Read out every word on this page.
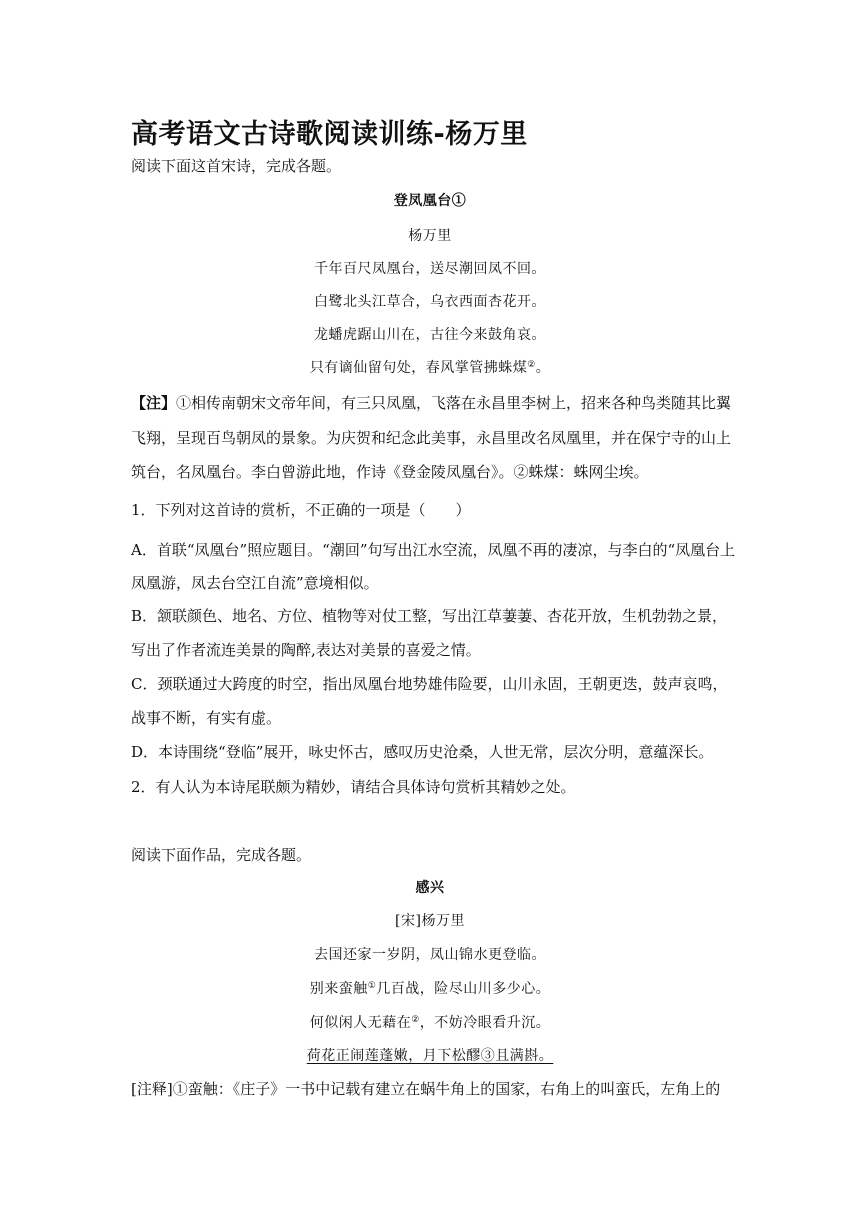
高考语文古诗歌阅读训练-杨万里
阅读下面这首宋诗，完成各题。
登凤凰台①
杨万里
千年百尺凤凰台，送尽潮回凤不回。
白鹭北头江草合，乌衣西面杏花开。
龙蟠虎踞山川在，古往今来鼓角哀。
只有谪仙留句处，春风掌管拂蛛煤②。
【注】①相传南朝宋文帝年间，有三只凤凰，飞落在永昌里李树上，招来各种鸟类随其比翼
飞翔，呈现百鸟朝凤的景象。为庆贺和纪念此美事，永昌里改名凤凰里，并在保宁寺的山上
筑台，名凤凰台。李白曾游此地，作诗《登金陵凤凰台》。②蛛煤：蛛网尘埃。
1．下列对这首诗的赏析，不正确的一项是（　　）
A．首联“凤凰台”照应题目。“潮回”句写出江水空流，凤凰不再的凄凉，与李白的“凤凰台上
凤凰游，凤去台空江自流”意境相似。
B．颔联颜色、地名、方位、植物等对仗工整，写出江草萋萋、杏花开放，生机勃勃之景，
写出了作者流连美景的陶醉,表达对美景的喜爱之情。
C．颈联通过大跨度的时空，指出凤凰台地势雄伟险要，山川永固，王朝更迭，鼓声哀鸣，
战事不断，有实有虚。
D．本诗围绕“登临”展开，咏史怀古，感叹历史沧桑，人世无常，层次分明，意蕴深长。
2．有人认为本诗尾联颇为精妙，请结合具体诗句赏析其精妙之处。
阅读下面作品，完成各题。
感兴
[宋]杨万里
去国还家一岁阴，凤山锦水更登临。
别来蛮触①几百战，险尽山川多少心。
何似闲人无藉在②，不妨冷眼看升沉。
荷花正闹莲蓬嫩，月下松醪③且满斟。
[注释]①蛮触：《庄子》一书中记载有建立在蜗牛角上的国家，右角上的叫蛮氏，左角上的
